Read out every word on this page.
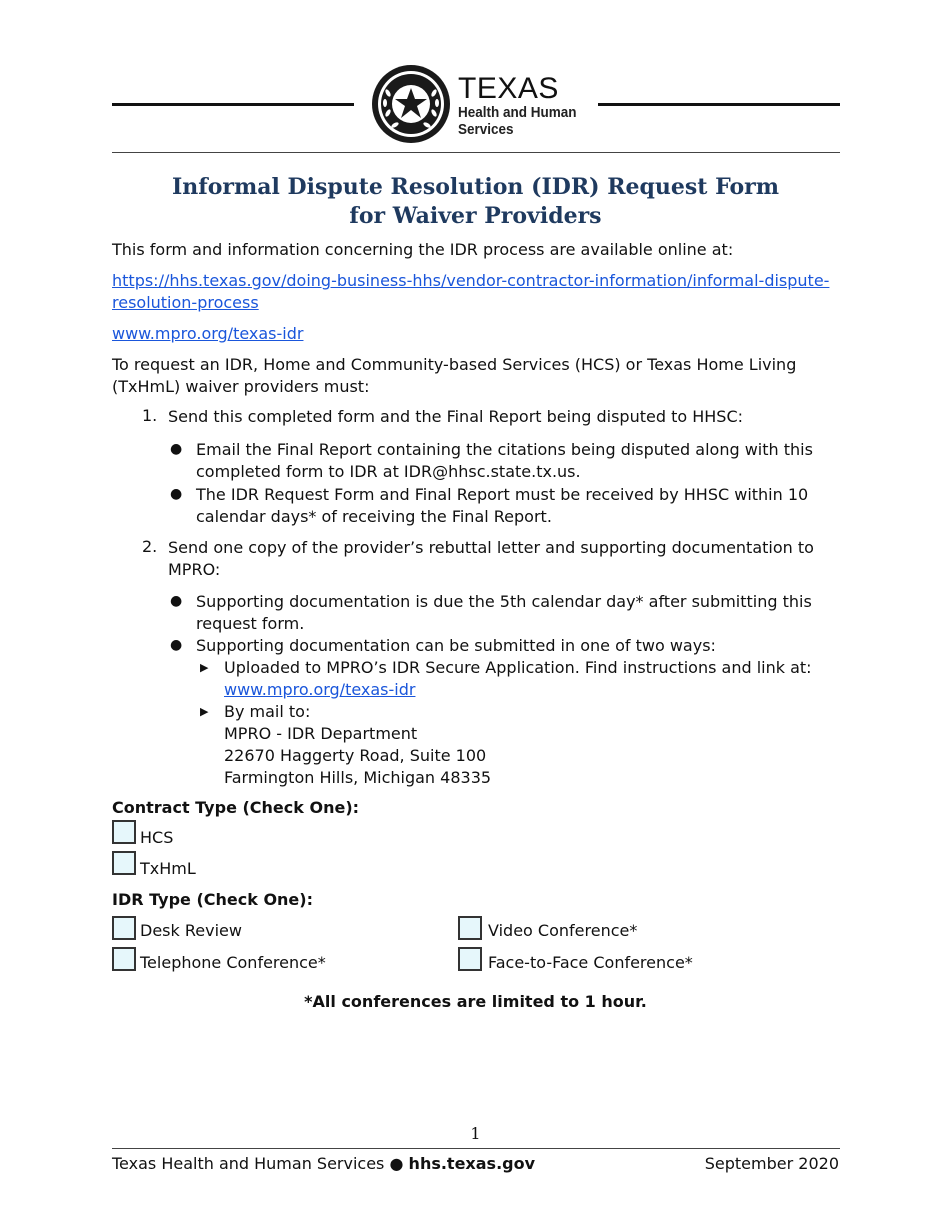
TEXAS
Health and Human
Services
Informal Dispute Resolution (IDR) Request Form
for Waiver Providers

This form and information concerning the IDR process are available online at:

https://hhs.texas.gov/doing-business-hhs/vendor-contractor-information/informal-dispute-
resolution-process

www.mpro.org/texas-idr

To request an IDR, Home and Community-based Services (HCS) or Texas Home Living
(TxHmL) waiver providers must:

1. Send this completed form and the Final Report being disputed to HHSC:
● Email the Final Report containing the citations being disputed along with this
completed form to IDR at IDR@hhsc.state.tx.us.
● The IDR Request Form and Final Report must be received by HHSC within 10
calendar days* of receiving the Final Report.
2. Send one copy of the provider’s rebuttal letter and supporting documentation to
MPRO:
● Supporting documentation is due the 5th calendar day* after submitting this
request form.
● Supporting documentation can be submitted in one of two ways:
▶ Uploaded to MPRO’s IDR Secure Application. Find instructions and link at:
www.mpro.org/texas-idr
▶ By mail to:
MPRO - IDR Department
22670 Haggerty Road, Suite 100
Farmington Hills, Michigan 48335
Contract Type (Check One):
HCS
TxHmL
IDR Type (Check One):
Desk Review	Video Conference*
Telephone Conference*	Face-to-Face Conference*
*All conferences are limited to 1 hour.
1
Texas Health and Human Services ● hhs.texas.gov	September 2020
